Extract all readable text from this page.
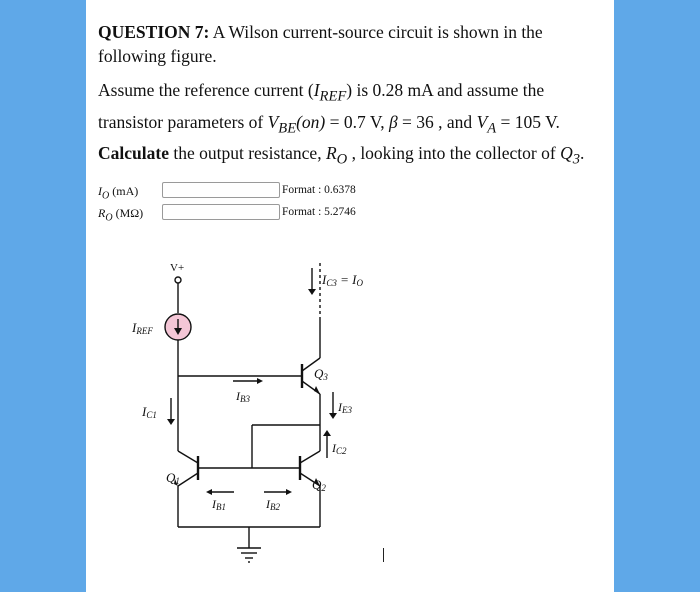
QUESTION 7: A Wilson current-source circuit is shown in the following figure.

Assume the reference current $(I_{REF})$ is 0.28 mA and assume the transistor parameters of $V_{BE}(on) = 0.7$ V, β = 36 , and $V_A = 105$ V.

Calculate the output resistance, $R_O$ , looking into the collector of $Q_3$.

$I_O$ (mA)	Format : 0.6378
$R_O$ (MΩ)	Format : 5.2746
V+
IREF
IC3 = IO
Q3
IB3
IE3
IC1
IC2
Q1	Q2
IB1	IB2
